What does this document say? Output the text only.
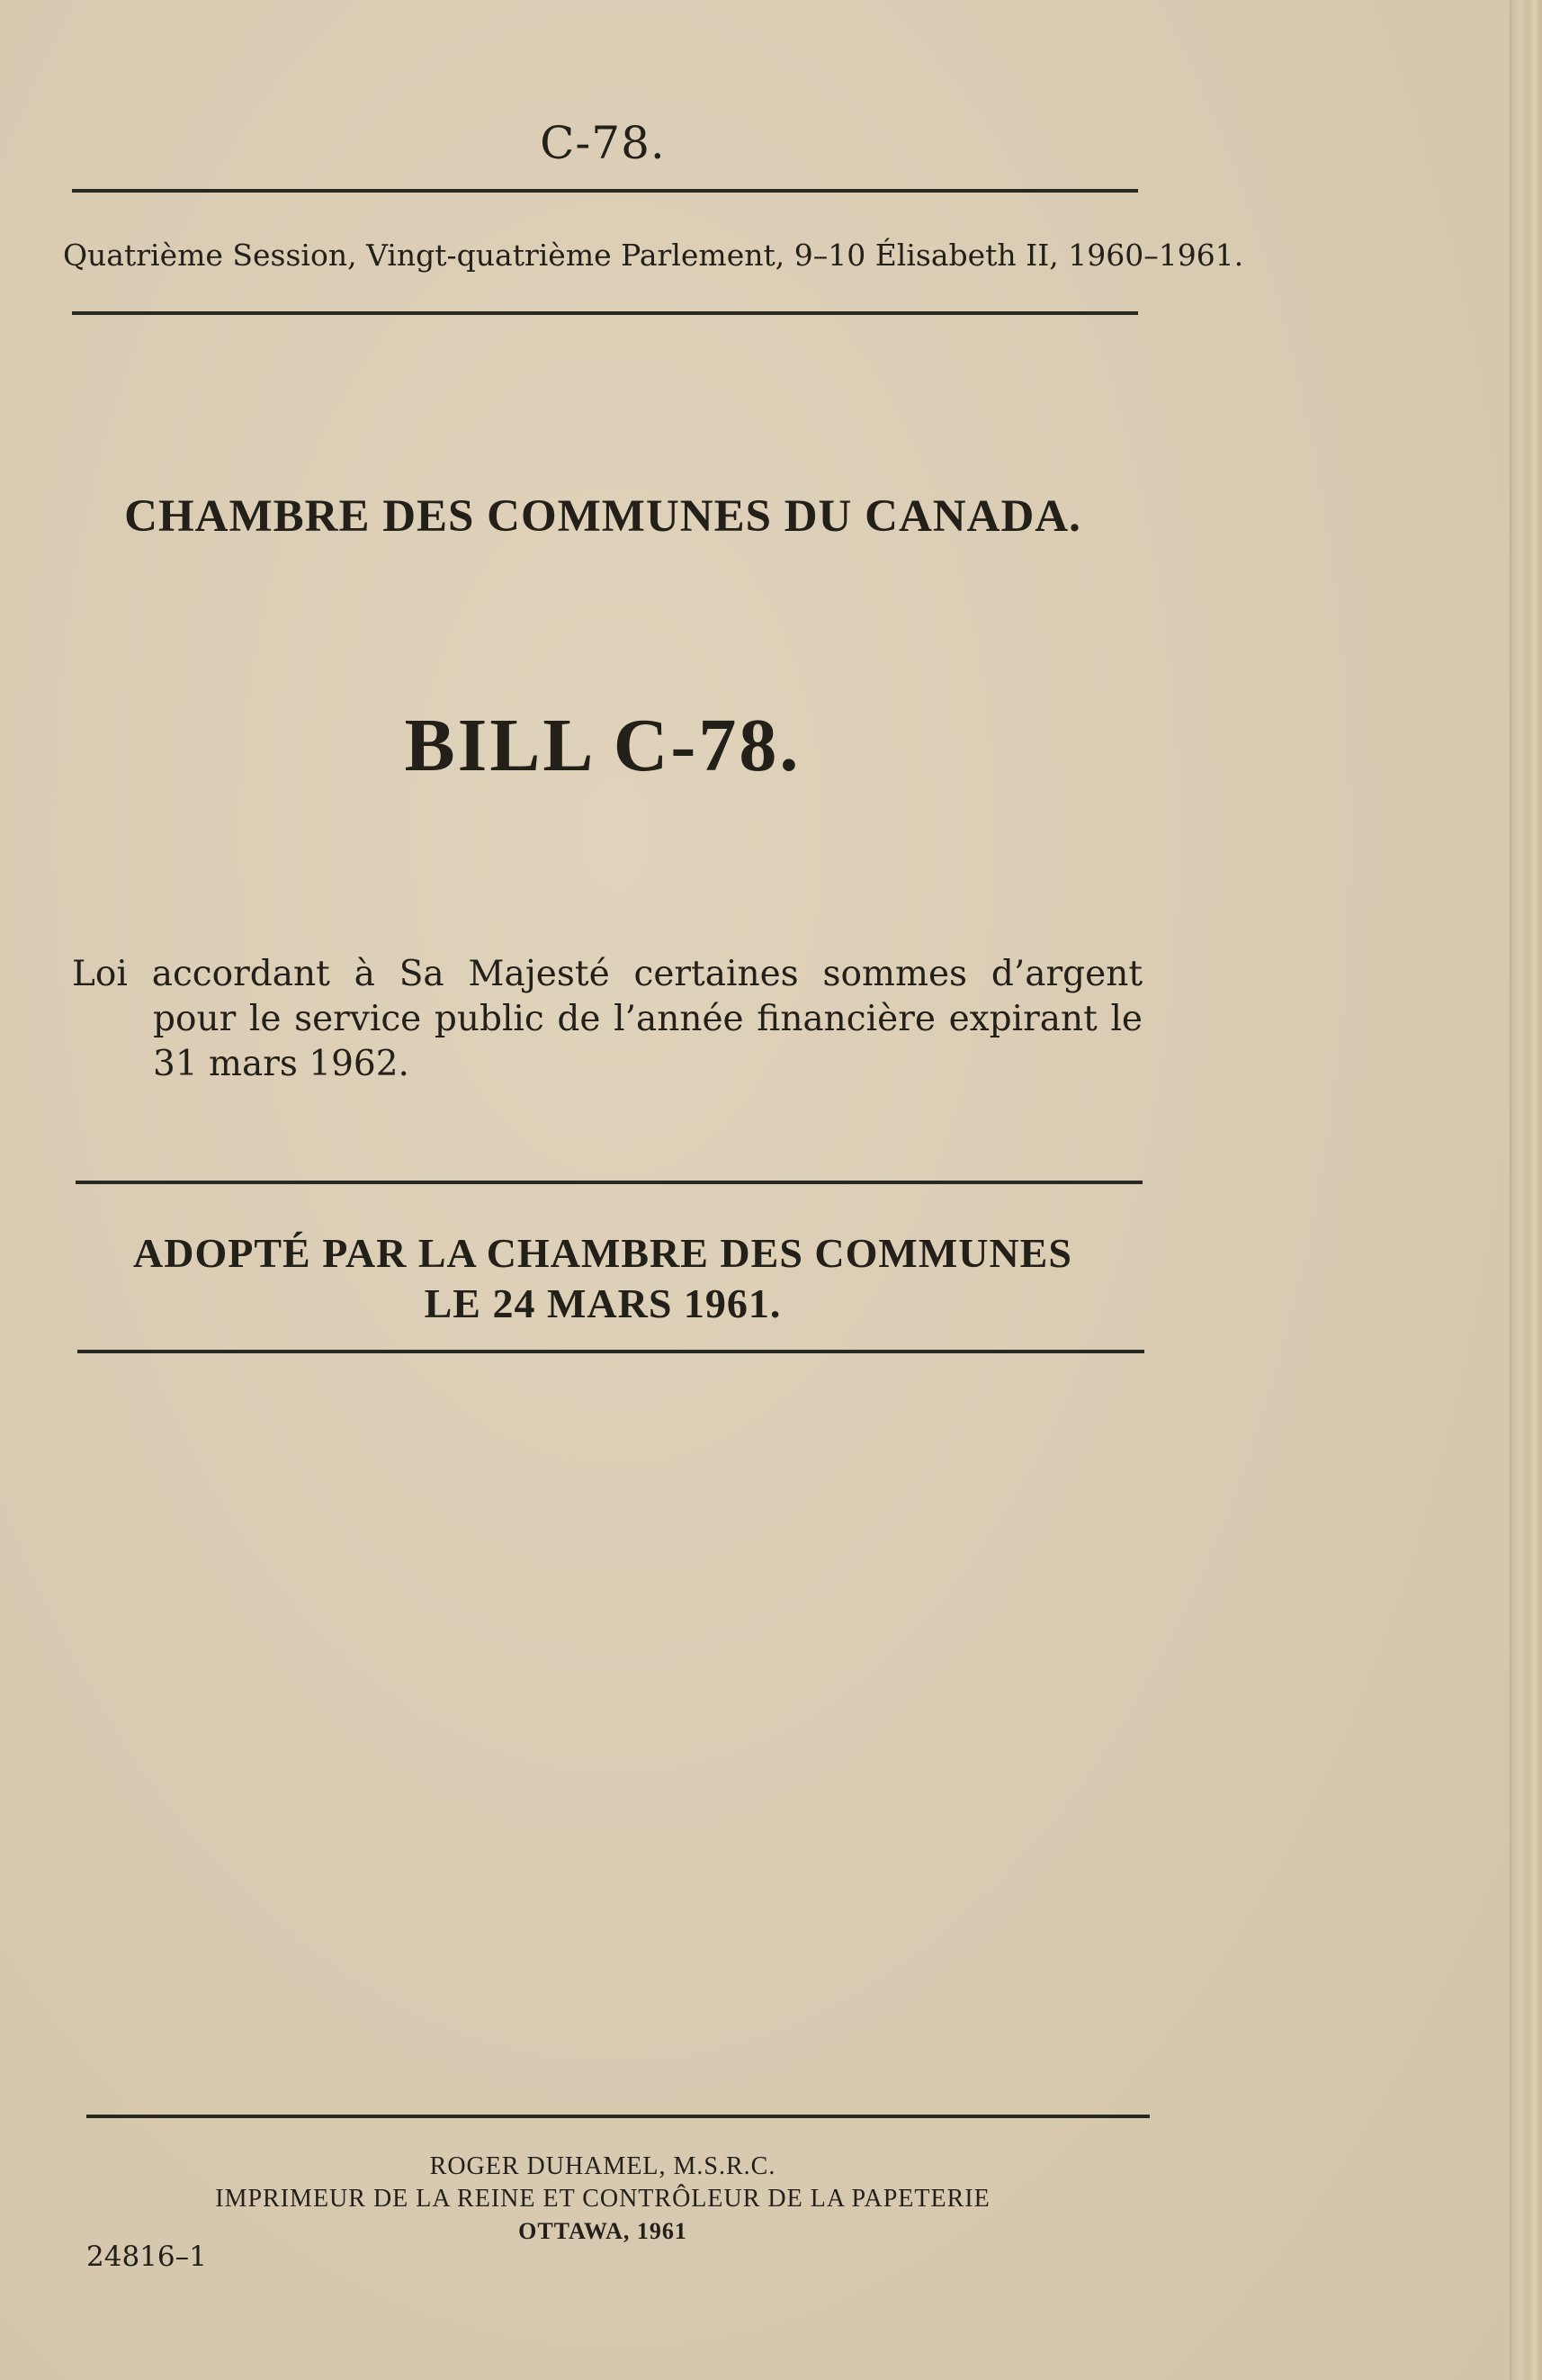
C-78.
Quatrième Session, Vingt-quatrième Parlement, 9–10 Élisabeth II, 1960–1961.
CHAMBRE DES COMMUNES DU CANADA.
BILL C-78.
Loi accordant à Sa Majesté certaines sommes d’argent pour le service public de l’année financière expirant le 31 mars 1962.
ADOPTÉ PAR LA CHAMBRE DES COMMUNES
LE 24 MARS 1961.
ROGER DUHAMEL, M.S.R.C.
IMPRIMEUR DE LA REINE ET CONTRÔLEUR DE LA PAPETERIE
OTTAWA, 1961
24816–1
